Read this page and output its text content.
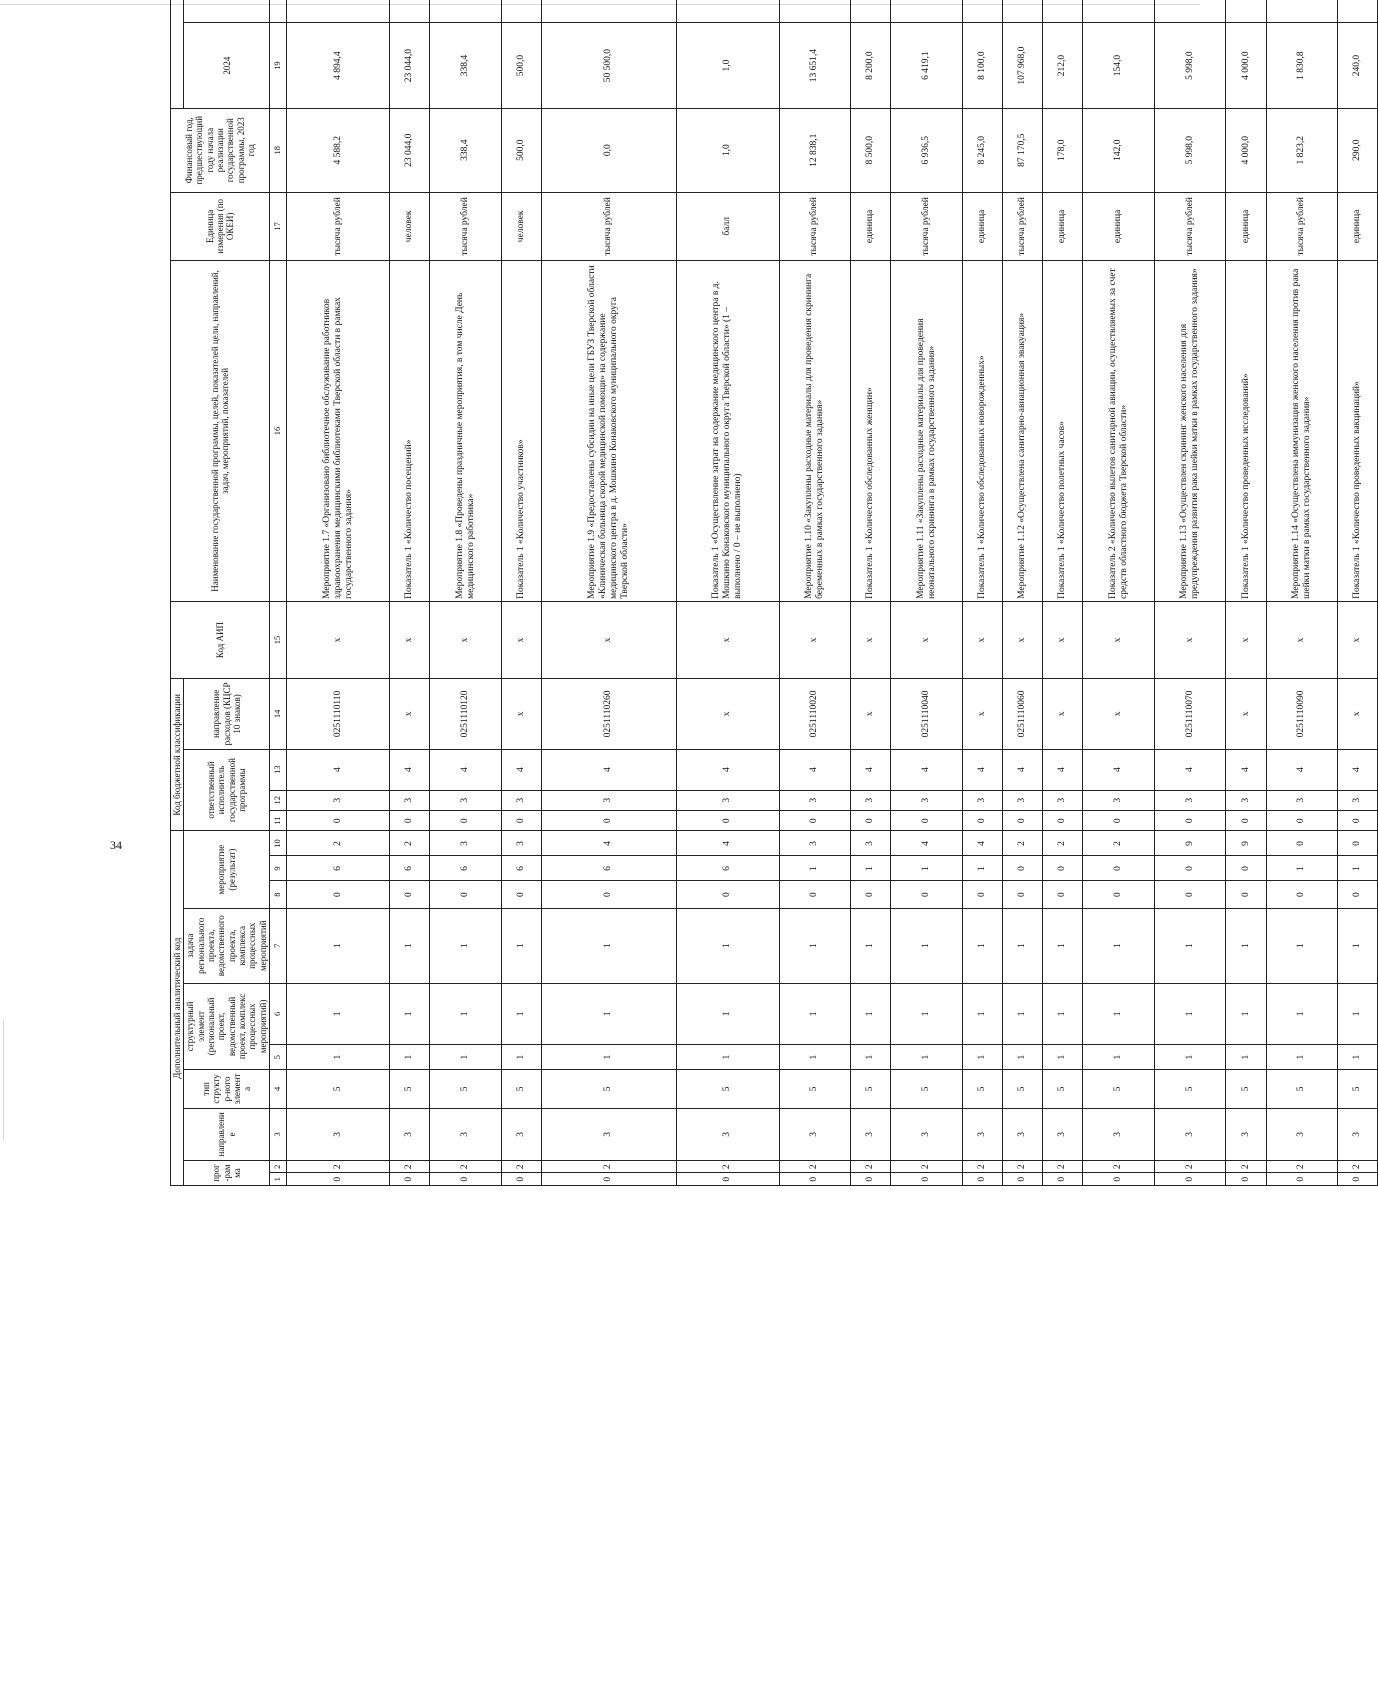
34
Дополнительный аналитический код										Код бюджетной классификации				Код АИП	Наименование государственной программы, целей, показателей цели, направлений, задач, мероприятий, показателей	Единица измерения (по ОКЕИ)	Финансовый год, предшествующий году начала реализации государственной программы, 2023 год	
прог-рамма		направление	тип структур-ного элемента	структурный элемент (региональный проект, ведомственный проект, комплекс процессных мероприятий)		задача регионального проекта, ведомственного проекта, комплекса процессных мероприятий	мероприятие (результат)			ответственный исполнитель государственной программы			направление расходов (КЦСР 10 знаков)										
																		2024					
1	2	3	4	5	6	7	8	9	10	11	12	13	14	15	16	17	18	19					
0	2	3	5	1	1	1	0	6	2	0	3	4	0251110110	x	Мероприятие 1.7 «Организовано библиотечное обслуживание работников здравоохранения медицинскими библиотеками Тверской области в рамках государственного задания»	тысяча рублей	4 588,2	4 894,4					
0	2	3	5	1	1	1	0	6	2	0	3	4	x	x	Показатель 1 «Количество посещений»	человек	23 044,0	23 044,0					
0	2	3	5	1	1	1	0	6	3	0	3	4	0251110120	x	Мероприятие 1.8 «Проведены праздничные мероприятия, в том числе День медицинского работника»	тысяча рублей	338,4	338,4					
0	2	3	5	1	1	1	0	6	3	0	3	4	x	x	Показатель 1 «Количество участников»	человек	500,0	500,0					
0	2	3	5	1	1	1	0	6	4	0	3	4	0251110260	x	Мероприятие 1.9 «Предоставлены субсидии на иные цели ГБУЗ Тверской области «Клиническая больница скорой медицинской помощи» на содержание медицинского центра в д. Мошкино Конаковского муниципального округа Тверской области»	тысяча рублей	0,0	50 500,0					
0	2	3	5	1	1	1	0	6	4	0	3	4	x	x	Показатель 1 «Осуществление затрат на содержание медицинского центра в д. Мошкино Конаковского муниципального округа Тверской области» (1 – выполнено / 0 – не выполнено)	балл	1,0	1,0					
0	2	3	5	1	1	1	0	1	3	0	3	4	0251110020	x	Мероприятие 1.10 «Закуплены расходные материалы для проведения скрининга беременных в рамках государственного задания»	тысяча рублей	12 838,1	13 651,4					
0	2	3	5	1	1	1	0	1	3	0	3	4	x	x	Показатель 1 «Количество обследованных женщин»	единица	8 500,0	8 200,0					
0	2	3	5	1	1	1	0	1	4	0	3	4	0251110040	x	Мероприятие 1.11 «Закуплены расходные материалы для проведения неонатального скрининга в рамках государственного задания»	тысяча рублей	6 936,5	6 419,1					
0	2	3	5	1	1	1	0	1	4	0	3	4	x	x	Показатель 1 «Количество обследованных новорожденных»	единица	8 245,0	8 100,0					
0	2	3	5	1	1	1	0	0	2	0	3	4	0251110060	x	Мероприятие 1.12 «Осуществлена санитарно-авиационная эвакуация»	тысяча рублей	87 170,5	107 968,0					
0	2	3	5	1	1	1	0	0	2	0	3	4	x	x	Показатель 1 «Количество полетных часов»	единица	178,0	212,0					
0	2	3	5	1	1	1	0	0	2	0	3	4	x	x	Показатель 2 «Количество вылетов санитарной авиации, осуществляемых за счет средств областного бюджета Тверской области»	единица	142,0	154,0					
0	2	3	5	1	1	1	0	0	9	0	3	4	0251110070	x	Мероприятие 1.13 «Осуществлен скрининг женского населения для предупреждения развития рака шейки матки в рамках государственного задания»	тысяча рублей	5 998,0	5 998,0					
0	2	3	5	1	1	1	0	0	9	0	3	4	x	x	Показатель 1 «Количество проведенных исследований»	единица	4 000,0	4 000,0					
0	2	3	5	1	1	1	0	1	0	0	3	4	0251110090	x	Мероприятие 1.14 «Осуществлена иммунизация женского населения против рака шейки матки в рамках государственного задания»	тысяча рублей	1 823,2	1 830,8					
0	2	3	5	1	1	1	0	1	0	0	3	4	x	x	Показатель 1 «Количество проведенных вакцинаций»	единица	290,0	240,0					
